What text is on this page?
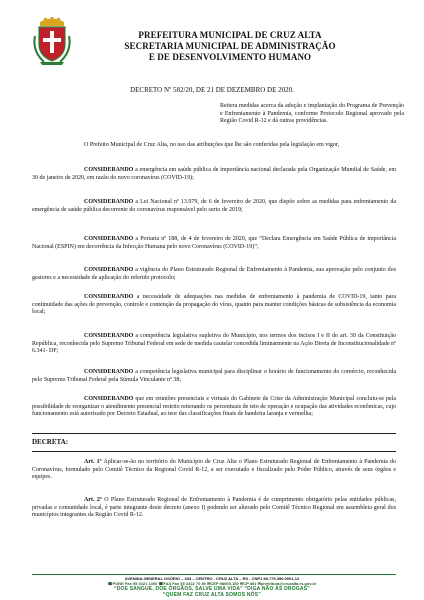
PREFEITURA MUNICIPAL DE CRUZ ALTA
SECRETARIA MUNICIPAL DE ADMINISTRAÇÃO
E DE DESENVOLVIMENTO HUMANO
DECRETO Nº 582/20, DE 21 DE DEZEMBRO DE 2020.
Reitera medidas acerca da adoção e implantação do Programa de Prevenção e Enfrentamento à Pandemia, conforme Protocolo Regional aprovado pela Região Covid R-12 e dá outras providências.
O Prefeito Municipal de Cruz Alta, no uso das atribuições que lhe são conferidas pela legislação em vigor,
CONSIDERANDO a emergência em saúde pública de importância nacional declarada pela Organização Mundial de Saúde, em 30 de janeiro de 2020, em razão do novo coronavírus (COVID-19);
CONSIDERANDO a Lei Nacional nº 13.979, de 6 de fevereiro de 2020, que dispõe sobre as medidas para enfrentamento da emergência de saúde pública decorrente do coronavírus responsável pelo surto de 2019;
CONSIDERANDO a Portaria nº 188, de 4 de fevereiro de 2020, que “Declara Emergência em Saúde Pública de importância Nacional (ESPIN) em decorrência da Infecção Humana pelo novo Coronavírus (COVID-19)”;
CONSIDERANDO a vigência do Plano Estruturado Regional de Enfrentamento à Pandemia, sua aprovação pelo conjunto dos gestores e a necessidade de aplicação do referido protocolo;
CONSIDERANDO a necessidade de adequações nas medidas de enfrentamento à pandemia de COVID-19, tanto para continuidade das ações de prevenção, controle e contenção da propagação do vírus, quanto para manter condições básicas de subsistência da economia local;
CONSIDERANDO a competência legislativa supletiva do Município, nos termos dos incisos I e II do art. 30 da Constituição República, reconhecida pelo Supremo Tribunal Federal em sede de medida cautelar concedida liminarmente na Ação Direta de Inconstitucionalidade nº 6.341- DF;
CONSIDERANDO a competência legislativa municipal para disciplinar o horário de funcionamento do comércio, reconhecida pelo Supremo Tribunal Federal pela Súmula Vinculante nº 38;
CONSIDERANDO que em reuniões presenciais e virtuais do Gabinete de Crise da Administração Municipal concluiu-se pela possibilidade de reorganizar o atendimento presencial restrito reiterando os percentuais de teto de operação e ocupação das atividades econômicas, cujo funcionamento está autorizado por Decreto Estadual, ao teor das classificações finais de bandeira laranja e vermelha;
DECRETA:
Art. 1º Aplicar-se-ão no território do Município de Cruz Alta o Plano Estruturado Regional de Enfrentamento à Pandemia do Coronavírus, formulado pelo Comitê Técnico da Regional Covid R-12, a ser executado e fiscalizado pelo Poder Público, através de seus órgãos e equipes.
Art. 2º O Plano Estruturado Regional de Enfrentamento à Pandemia é de cumprimento obrigatório pelas entidades públicas, privadas e comunidade local, é parte integrante deste decreto (anexo I) podendo ser alterado pelo Comitê Técnico Regional em assembleia geral dos municípios integrantes da Região Covid R-12.
AVENIDA GENERAL OSÓRIO – 333 – CENTRO - CRUZ ALTA – RS - CNPJ 88.775.390.0001-12
☎FONE Fax 55 3321 1300 ☎FAX Fax 55 3322 70 80 ✉CEP 98005-150 ✉CP 491 ✉prefeitura@cruzalta.rs.gov.br
“DOE SANGUE, DOE ÓRGÃOS, SALVE UMA VIDA” “DIGA NÃO ÀS DROGAS”
“QUEM FAZ CRUZ ALTA SOMOS NÓS”
